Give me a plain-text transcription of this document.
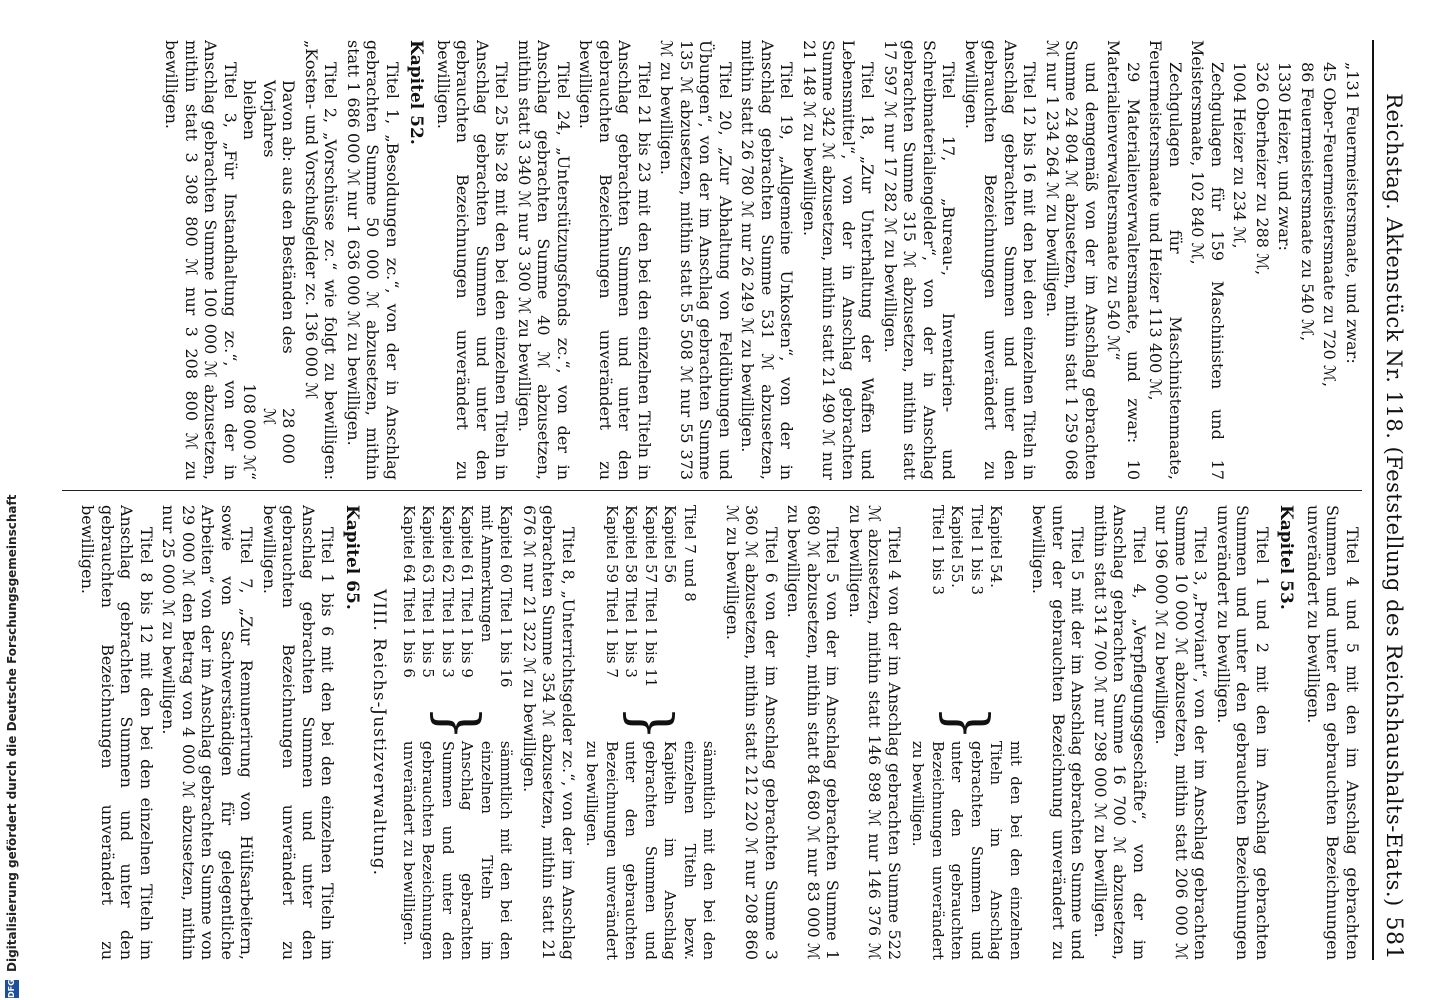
Reichstag. Aktenstück Nr. 118. (Feststellung des Reichshaushalts-Etats.)
581

„131 Feuermeistersmaate, und zwar:

45 Ober-Feuermeistersmaate zu 720 ℳ,

86 Feuermeistersmaate zu 540 ℳ,

1330 Heizer, und zwar:

326 Oberheizer zu 288 ℳ,

1004 Heizer zu 234 ℳ,

Zechgulagen für 159 Maschinisten und 17 Meistersmaate, 102 840 ℳ,

Zechgulagen für Maschinistenmaate, Feuermeistersmaate und Heizer 113 400 ℳ,

29 Materialienverwaltersmaate, und zwar: 10 Materialienverwaltersmaate zu 540 ℳ“

und demgemäß von der im Anschlag gebrachten Summe 24 804 ℳ abzusetzen, mithin statt 1 259 068 ℳ nur 1 234 264 ℳ zu bewilligen.

Titel 12 bis 16 mit den bei den einzelnen Titeln in Anschlag gebrachten Summen und unter den gebrauchten Bezeichnungen unverändert zu bewilligen.

Titel 17, „Bureau-, Inventarien- und Schreibmaterialiengelder“, von der in Anschlag gebrachten Summe 315 ℳ abzusetzen, mithin statt 17 597 ℳ nur 17 282 ℳ zu bewilligen.

Titel 18, „Zur Unterhaltung der Waffen und Lebensmittel“, von der in Anschlag gebrachten Summe 342 ℳ abzusetzen, mithin statt 21 490 ℳ nur 21 148 ℳ zu bewilligen.

Titel 19, „Allgemeine Unkosten“, von der in Anschlag gebrachten Summe 531 ℳ abzusetzen, mithin statt 26 780 ℳ nur 26 249 ℳ zu bewilligen.

Titel 20, „Zur Abhaltung von Feldübungen und Übungen“, von der im Anschlag gebrachten Summe 135 ℳ abzusetzen, mithin statt 55 508 ℳ nur 55 373 ℳ zu bewilligen.

Titel 21 bis 23 mit den bei den einzelnen Titeln in Anschlag gebrachten Summen und unter den gebrauchten Bezeichnungen unverändert zu bewilligen.

Titel 24, „Unterstützungsfonds zc.“, von der in Anschlag gebrachten Summe 40 ℳ abzusetzen, mithin statt 3 340 ℳ nur 3 300 ℳ zu bewilligen.

Titel 25 bis 28 mit den bei den einzelnen Titeln in Anschlag gebrachten Summen und unter den gebrauchten Bezeichnungen unverändert zu bewilligen.

Kapitel 52.

Titel 1, „Besoldungen zc.“, von der in Anschlag gebrachten Summe 50 000 ℳ abzusetzen, mithin statt 1 686 000 ℳ nur 1 636 000 ℳ zu bewilligen.

Titel 2, „Vorschüsse zc.“ wie folgt zu bewilligen: „Kosten- und Vorschußgelder zc. 136 000 ℳ

Davon ab: aus den Beständen des Vorjahres
28 000 ℳ
bleiben
108 000 ℳ“

Titel 3, „Für Instandhaltung zc.“, von der in Anschlag gebrachten Summe 100 000 ℳ abzusetzen, mithin statt 3 308 800 ℳ nur 3 208 800 ℳ zu bewilligen.

Titel 4 und 5 mit den im Anschlag gebrachten Summen und unter den gebrauchten Bezeichnungen unverändert zu bewilligen.

Kapitel 53.

Titel 1 und 2 mit den im Anschlag gebrachten Summen und unter den gebrauchten Bezeichnungen unverändert zu bewilligen.

Titel 3, „Proviant“, von der im Anschlag gebrachten Summe 10 000 ℳ abzusetzen, mithin statt 206 000 ℳ nur 196 000 ℳ zu bewilligen.

Titel 4, „Verpflegungsgeschäfte“, von der im Anschlag gebrachten Summe 16 700 ℳ abzusetzen, mithin statt 314 700 ℳ nur 298 000 ℳ zu bewilligen.

Titel 5 mit der im Anschlag gebrachten Summe und unter der gebrauchten Bezeichnung unverändert zu bewilligen.

Kapitel 54.
Titel 1 bis 3
Kapitel 55.
Titel 1 bis 3
}
mit den bei den einzelnen Titeln im Anschlag gebrachten Summen und unter den gebrauchten Bezeichnungen unverändert zu bewilligen.

Titel 4 von der im Anschlag gebrachten Summe 522 ℳ abzusetzen, mithin statt 146 898 ℳ nur 146 376 ℳ zu bewilligen.

Titel 5 von der im Anschlag gebrachten Summe 1 680 ℳ abzusetzen, mithin statt 84 680 ℳ nur 83 000 ℳ zu bewilligen.

Titel 6 von der im Anschlag gebrachten Summe 3 360 ℳ abzusetzen, mithin statt 212 220 ℳ nur 208 860 ℳ zu bewilligen.

Titel 7 und 8
Kapitel 56
Kapitel 57 Titel 1 bis 11
Kapitel 58 Titel 1 bis 3
Kapitel 59 Titel 1 bis 7
}
sämmtlich mit den bei den einzelnen Titeln bezw. Kapiteln im Anschlag gebrachten Summen und unter den gebrauchten Bezeichnungen unverändert zu bewilligen.

Titel 8, „Unterrichtsgelder zc.“, von der im Anschlag gebrachten Summe 354 ℳ abzusetzen, mithin statt 21 676 ℳ nur 21 322 ℳ zu bewilligen.

Kapitel 60 Titel 1 bis 16
mit Anmerkungen
Kapitel 61 Titel 1 bis 9
Kapitel 62 Titel 1 bis 3
Kapitel 63 Titel 1 bis 5
Kapitel 64 Titel 1 bis 6
}
sämmtlich mit den bei den einzelnen Titeln im Anschlag gebrachten Summen und unter den gebrauchten Bezeichnungen unverändert zu bewilligen.
VIII. Reichs-Justizverwaltung.
Kapitel 65.

Titel 1 bis 6 mit den bei den einzelnen Titeln im Anschlag gebrachten Summen und unter den gebrauchten Bezeichnungen unverändert zu bewilligen.

Titel 7, „Zur Remunerirung von Hülfsarbeitern, sowie von Sachverständigen für gelegentliche Arbeiten“ von der im Anschlag gebrachten Summe von 29 000 ℳ den Betrag von 4 000 ℳ abzusetzen, mithin nur 25 000 ℳ zu bewilligen.

Titel 8 bis 12 mit den bei den einzelnen Titeln im Anschlag gebrachten Summen und unter den gebrauchten Bezeichnungen unverändert zu bewilligen.

DFG
Digitalisierung gefördert durch die Deutsche Forschungsgemeinschaft
